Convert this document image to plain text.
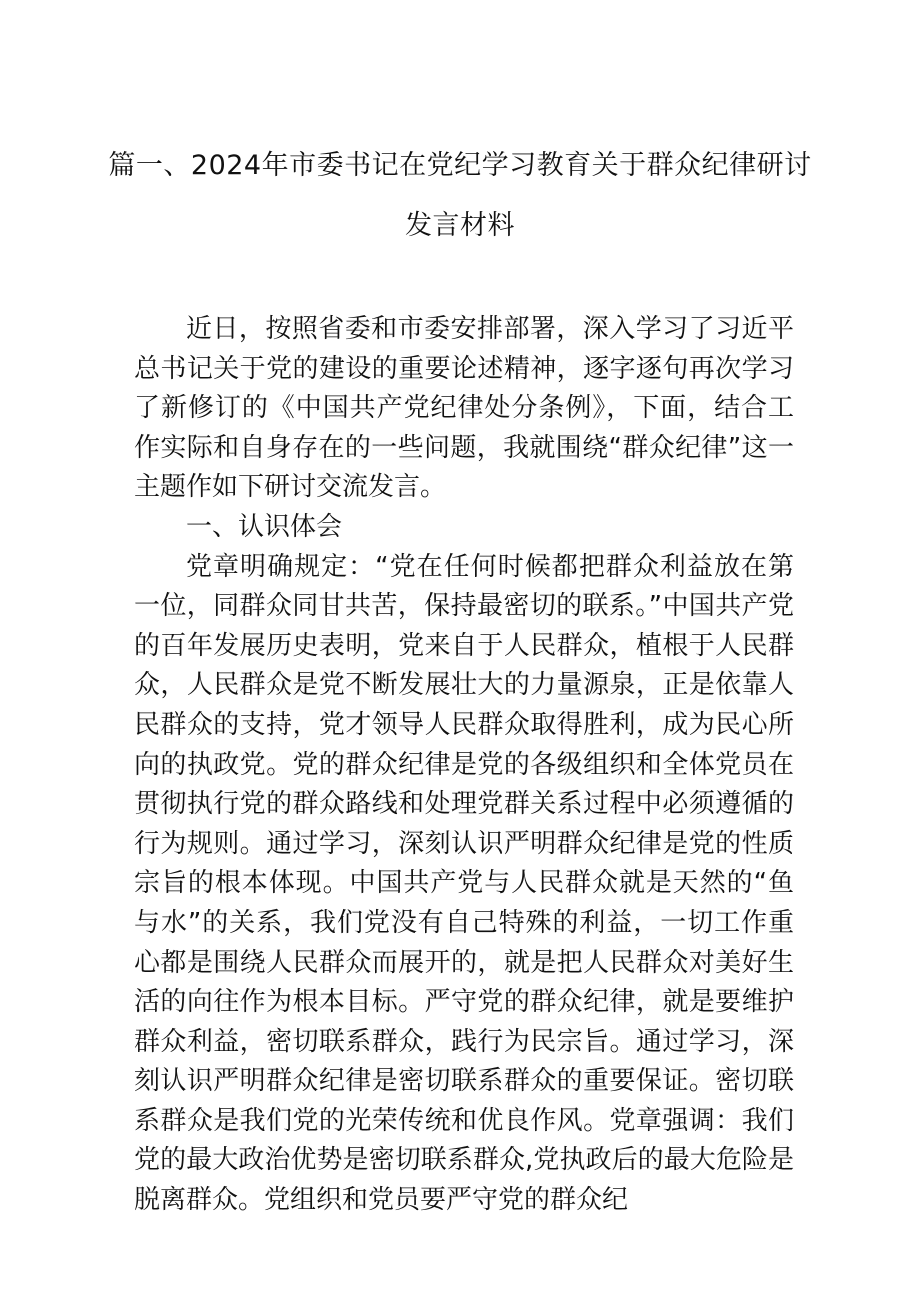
篇一、2024年市委书记在党纪学习教育关于群众纪律研讨
发言材料

近日，按照省委和市委安排部署，深入学习了习近平总书记关于党的建设的重要论述精神，逐字逐句再次学习了新修订的《中国共产党纪律处分条例》，下面，结合工作实际和自身存在的一些问题，我就围绕“群众纪律”这一主题作如下研讨交流发言。

一、认识体会

党章明确规定：“党在任何时候都把群众利益放在第一位，同群众同甘共苦，保持最密切的联系。”中国共产党的百年发展历史表明，党来自于人民群众，植根于人民群众，人民群众是党不断发展壮大的力量源泉，正是依靠人民群众的支持，党才领导人民群众取得胜利，成为民心所向的执政党。党的群众纪律是党的各级组织和全体党员在贯彻执行党的群众路线和处理党群关系过程中必须遵循的行为规则。通过学习，深刻认识严明群众纪律是党的性质宗旨的根本体现。中国共产党与人民群众就是天然的“鱼与水”的关系，我们党没有自己特殊的利益，一切工作重心都是围绕人民群众而展开的，就是把人民群众对美好生活的向往作为根本目标。严守党的群众纪律，就是要维护群众利益，密切联系群众，践行为民宗旨。通过学习，深刻认识严明群众纪律是密切联系群众的重要保证。密切联系群众是我们党的光荣传统和优良作风。党章强调：我们党的最大政治优势是密切联系群众,党执政后的最大危险是脱离群众。党组织和党员要严守党的群众纪
